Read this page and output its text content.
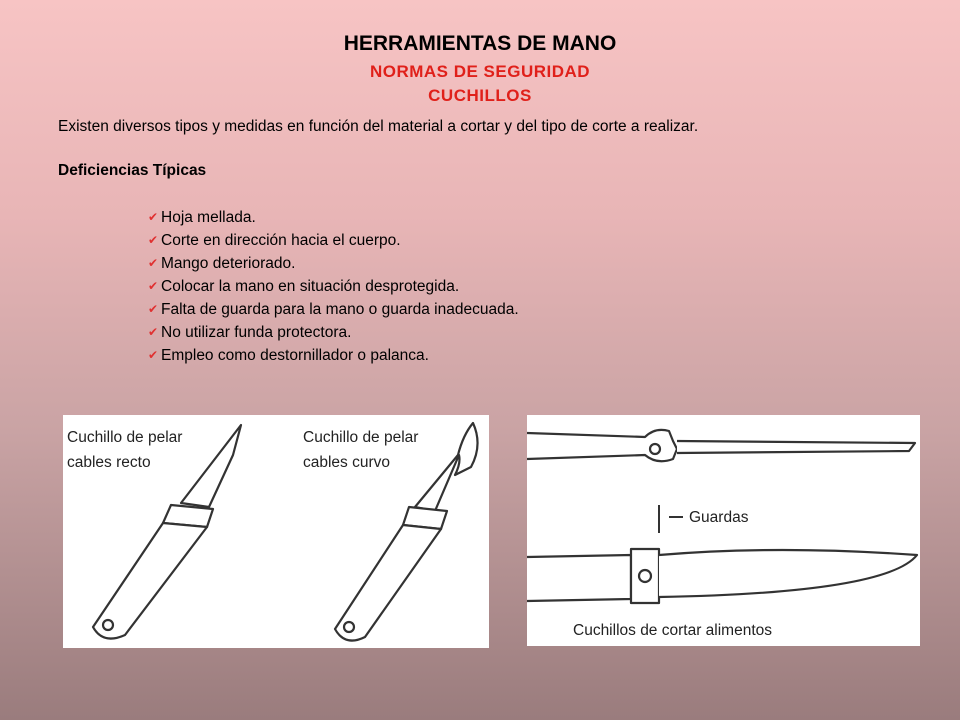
HERRAMIENTAS DE MANO
NORMAS DE SEGURIDAD
CUCHILLOS
Existen diversos tipos y medidas en función del material a cortar y del tipo de corte a realizar.
Deficiencias Típicas
✔ Hoja mellada.
✔ Corte en dirección hacia el cuerpo.
✔ Mango deteriorado.
✔ Colocar la mano en situación desprotegida.
✔ Falta de guarda para la mano o guarda inadecuada.
✔ No utilizar funda protectora.
✔ Empleo como destornillador o palanca.
Cuchillo de pelar
cables recto
Cuchillo de pelar
cables curvo
Guardas
Cuchillos de cortar alimentos
